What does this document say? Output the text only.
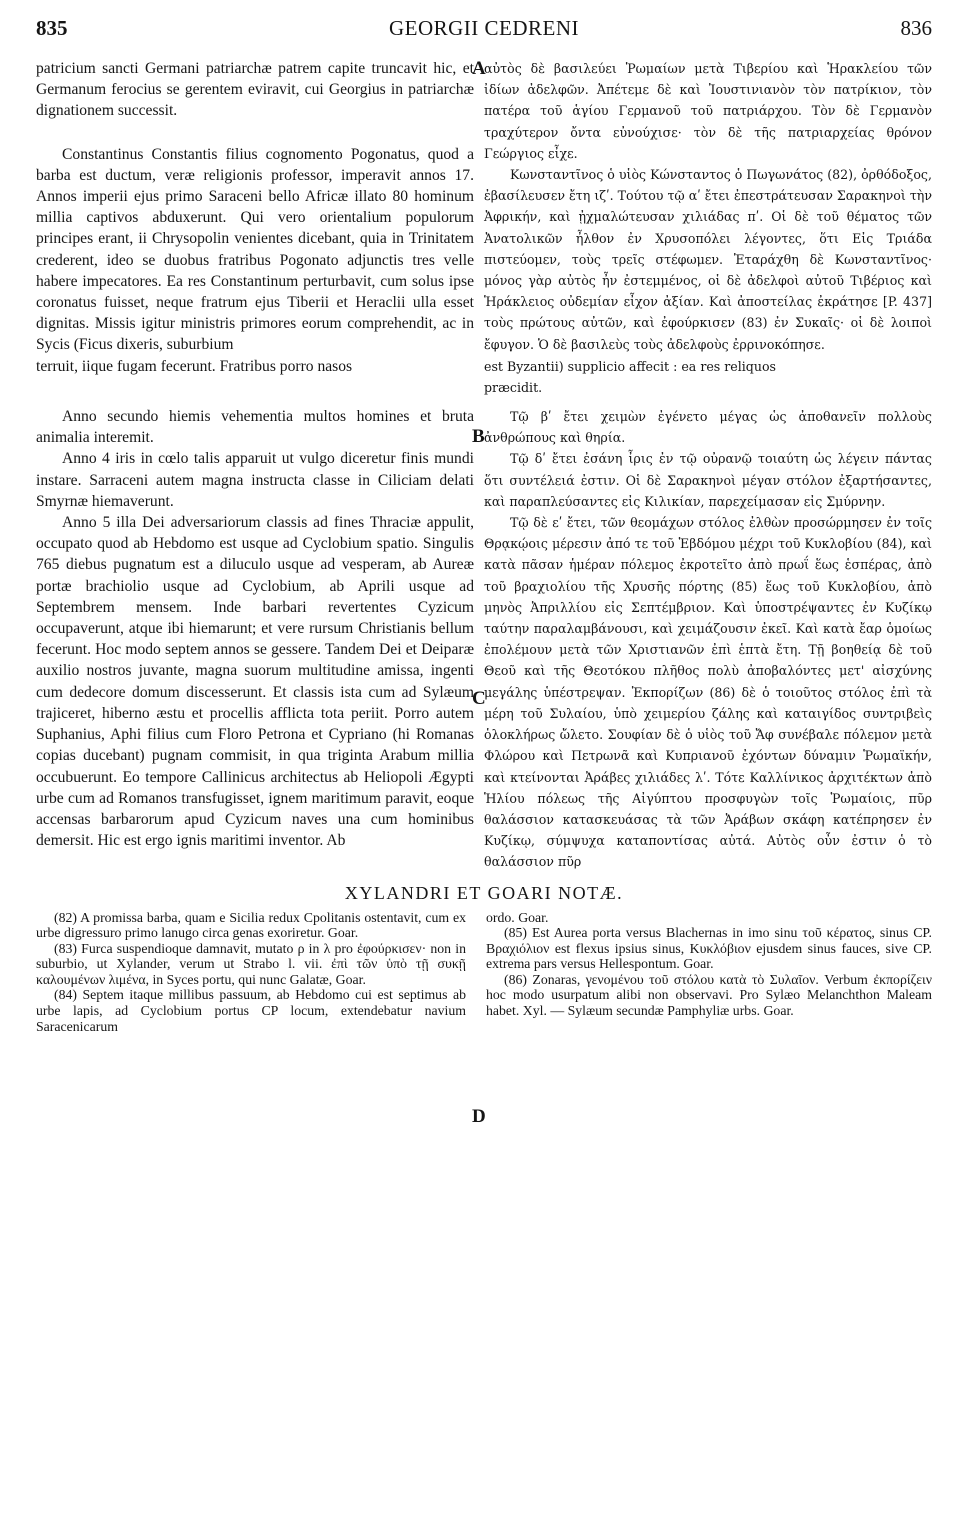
835	GEORGII CEDRENI	836
A
B

patricium sancti Germani patriarchæ patrem capite truncavit hic, et Germanum ferocius se gerentem eviravit, cui Georgius in patriarchæ dignationem successit.

Constantinus Constantis filius cognomento Pogonatus, quod a barba est ductum, veræ religionis professor, imperavit annos 17. Annos imperii ejus primo Saraceni bello Africæ illato 80 hominum millia captivos abduxerunt. Qui vero orientalium populorum principes erant, ii Chrysopolin venientes dicebant, quia in Trinitatem crederent, ideo se duobus fratribus Pogonato adjunctis tres velle habere impecatores. Ea res Constantinum perturbavit, cum solus ipse coronatus fuisset, neque fratrum ejus Tiberii et Heraclii ulla esset dignitas. Missis igitur ministris primores eorum comprehendit, ac in Sycis (Ficus dixeris, suburbium

αὐτὸς δὲ βασιλεύει Ῥωμαίων μετὰ Τιβερίου καὶ Ἡρακλείου τῶν ἰδίων ἀδελφῶν. Ἀπέτεμε δὲ καὶ Ἰουστινιανὸν τὸν πατρίκιον, τὸν πατέρα τοῦ ἁγίου Γερμανοῦ τοῦ πατριάρχου. Τὸν δὲ Γερμανὸν τραχύτερον ὄντα εὐνούχισε· τὸν δὲ τῆς πατριαρχείας θρόνον Γεώργιος εἶχε.

Κωνσταντῖνος ὁ υἱὸς Κώνσταντος ὁ Πωγωνάτος (82), ὀρθόδοξος, ἐβασίλευσεν ἔτη ιζʹ. Τούτου τῷ αʹ ἔτει ἐπεστράτευσαν Σαρακηνοὶ τὴν Ἀφρικήν, καὶ ᾐχμαλώτευσαν χιλιάδας πʹ. Οἱ δὲ τοῦ θέματος τῶν Ἀνατολικῶν ἦλθον ἐν Χρυσοπόλει λέγοντες, ὅτι Εἰς Τριάδα πιστεύομεν, τοὺς τρεῖς στέφωμεν. Ἐταράχθη δὲ Κωνσταντῖνος· μόνος γὰρ αὐτὸς ἦν ἐστεμμένος, οἱ δὲ ἀδελφοὶ αὐτοῦ Τιβέριος καὶ Ἡράκλειος οὐδεμίαν εἶχον ἀξίαν. Καὶ ἀποστείλας ἐκράτησε [P. 437] τοὺς πρώτους αὐτῶν, καὶ ἐφούρκισεν (83) ἐν Συκαῖς· οἱ δὲ λοιποὶ ἔφυγον. Ὁ δὲ βασιλεὺς τοὺς ἀδελφοὺς ἐρρινοκόπησε.

terruit, iique fugam fecerunt. Fratribus porro nasos	est Byzantii) supplicio affecit : ea res reliquos

præcidit.

C
D

Anno secundo hiemis vehementia multos homines et bruta animalia interemit.

Anno 4 iris in cœlo talis apparuit ut vulgo diceretur finis mundi instare. Sarraceni autem magna instructa classe in Ciliciam delati Smyrnæ hiemaverunt.

Anno 5 illa Dei adversariorum classis ad fines Thraciæ appulit, occupato quod ab Hebdomo est usque ad Cyclobium spatio. Singulis 765 diebus pugnatum est a diluculo usque ad vesperam, ab Aureæ portæ brachiolio usque ad Cyclobium, ab Aprili usque ad Septembrem mensem. Inde barbari revertentes Cyzicum occupaverunt, atque ibi hiemarunt; et vere rursum Christianis bellum fecerunt. Hoc modo septem annos se gessere. Tandem Dei et Deiparæ auxilio nostros juvante, magna suorum multitudine amissa, ingenti cum dedecore domum discesserunt. Et classis ista cum ad Sylæum trajiceret, hiberno æstu et procellis afflicta tota periit. Porro autem Suphanius, Aphi filius cum Floro Petrona et Cypriano (hi Romanas copias ducebant) pugnam commisit, in qua triginta Arabum millia occubuerunt. Eo tempore Callinicus architectus ab Heliopoli Ægypti urbe cum ad Romanos transfugisset, ignem maritimum paravit, eoque accensas barbarorum apud Cyzicum naves una cum hominibus demersit. Hic est ergo ignis maritimi inventor. Ab

Τῷ βʹ ἔτει χειμὼν ἐγένετο μέγας ὡς ἀποθανεῖν πολλοὺς ἀνθρώπους καὶ θηρία.

Τῷ δʹ ἔτει ἐσάνη ἶρις ἐν τῷ οὐρανῷ τοιαύτη ὡς λέγειν πάντας ὅτι συντέλειά ἐστιν. Οἱ δὲ Σαρακηνοὶ μέγαν στόλον ἐξαρτήσαντες, καὶ παραπλεύσαντες εἰς Κιλικίαν, παρεχείμασαν εἰς Σμύρνην.

Τῷ δὲ εʹ ἔτει, τῶν θεομάχων στόλος ἐλθὼν προσώρμησεν ἐν τοῖς Θρᾳκῴοις μέρεσιν ἀπό τε τοῦ Ἑβδόμου μέχρι τοῦ Κυκλοβίου (84), καὶ κατὰ πᾶσαν ἡμέραν πόλεμος ἐκροτεῖτο ἀπὸ πρωΐ ἕως ἑσπέρας, ἀπὸ τοῦ βραχιολίου τῆς Χρυσῆς πόρτης (85) ἕως τοῦ Κυκλοβίου, ἀπὸ μηνὸς Ἀπριλλίου εἰς Σεπτέμβριον. Καὶ ὑποστρέψαντες ἐν Κυζίκῳ ταύτην παραλαμβάνουσι, καὶ χειμάζουσιν ἐκεῖ. Καὶ κατὰ ἔαρ ὁμοίως ἐπολέμουν μετὰ τῶν Χριστιανῶν ἐπὶ ἑπτὰ ἔτη. Τῇ βοηθείᾳ δὲ τοῦ Θεοῦ καὶ τῆς Θεοτόκου πλῆθος πολὺ ἀποβαλόντες μετ' αἰσχύνης μεγάλης ὑπέστρεψαν. Ἐκπορίζων (86) δὲ ὁ τοιοῦτος στόλος ἐπὶ τὰ μέρη τοῦ Συλαίου, ὑπὸ χειμερίου ζάλης καὶ καταιγίδος συντριβεὶς ὁλοκλήρως ὤλετο. Σουφίαν δὲ ὁ υἱὸς τοῦ Ἄφ συνέβαλε πόλεμον μετὰ Φλώρου καὶ Πετρωνᾶ καὶ Κυπριανοῦ ἐχόντων δύναμιν Ῥωμαϊκήν, καὶ κτείνονται Ἀράβες χιλιάδες λʹ. Τότε Καλλίνικος ἀρχιτέκτων ἀπὸ Ἡλίου πόλεως τῆς Αἰγύπτου προσφυγὼν τοῖς Ῥωμαίοις, πῦρ θαλάσσιον κατασκευάσας τὰ τῶν Ἀράβων σκάφη κατέπρησεν ἐν Κυζίκῳ, σύμψυχα καταποντίσας αὐτά. Αὐτὸς οὖν ἐστιν ὁ τὸ θαλάσσιον πῦρ

XYLANDRI ET GOARI NOTÆ.

(82) A promissa barba, quam e Sicilia redux Cpolitanis ostentavit, cum ex urbe digressuro primo lanugo circa genas exoriretur. Goar.

(83) Furca suspendioque damnavit, mutato ρ in λ pro ἐφούρκισεν· non in suburbio, ut Xylander, verum ut Strabo l. vii. ἐπὶ τῶν ὑπὸ τῇ συκῇ καλουμένων λιμένα, in Syces portu, qui nunc Galatæ, Goar.

(84) Septem itaque millibus passuum, ab Hebdomo cui est septimus ab urbe lapis, ad Cyclobium portus CP locum, extendebatur navium Saracenicarum

ordo. Goar.

(85) Est Aurea porta versus Blachernas in imo sinu τοῦ κέρατος, sinus CP. Βραχιόλιον est flexus ipsius sinus, Κυκλόβιον ejusdem sinus fauces, sive CP. extrema pars versus Hellespontum. Goar.

(86) Zonaras, γενομένου τοῦ στόλου κατὰ τὸ Συλαῖον. Verbum ἐκπορίζειν hoc modo usurpatum alibi non observavi. Pro Sylæo Melanchthon Maleam habet. Xyl. — Sylæum secundæ Pamphyliæ urbs. Goar.
